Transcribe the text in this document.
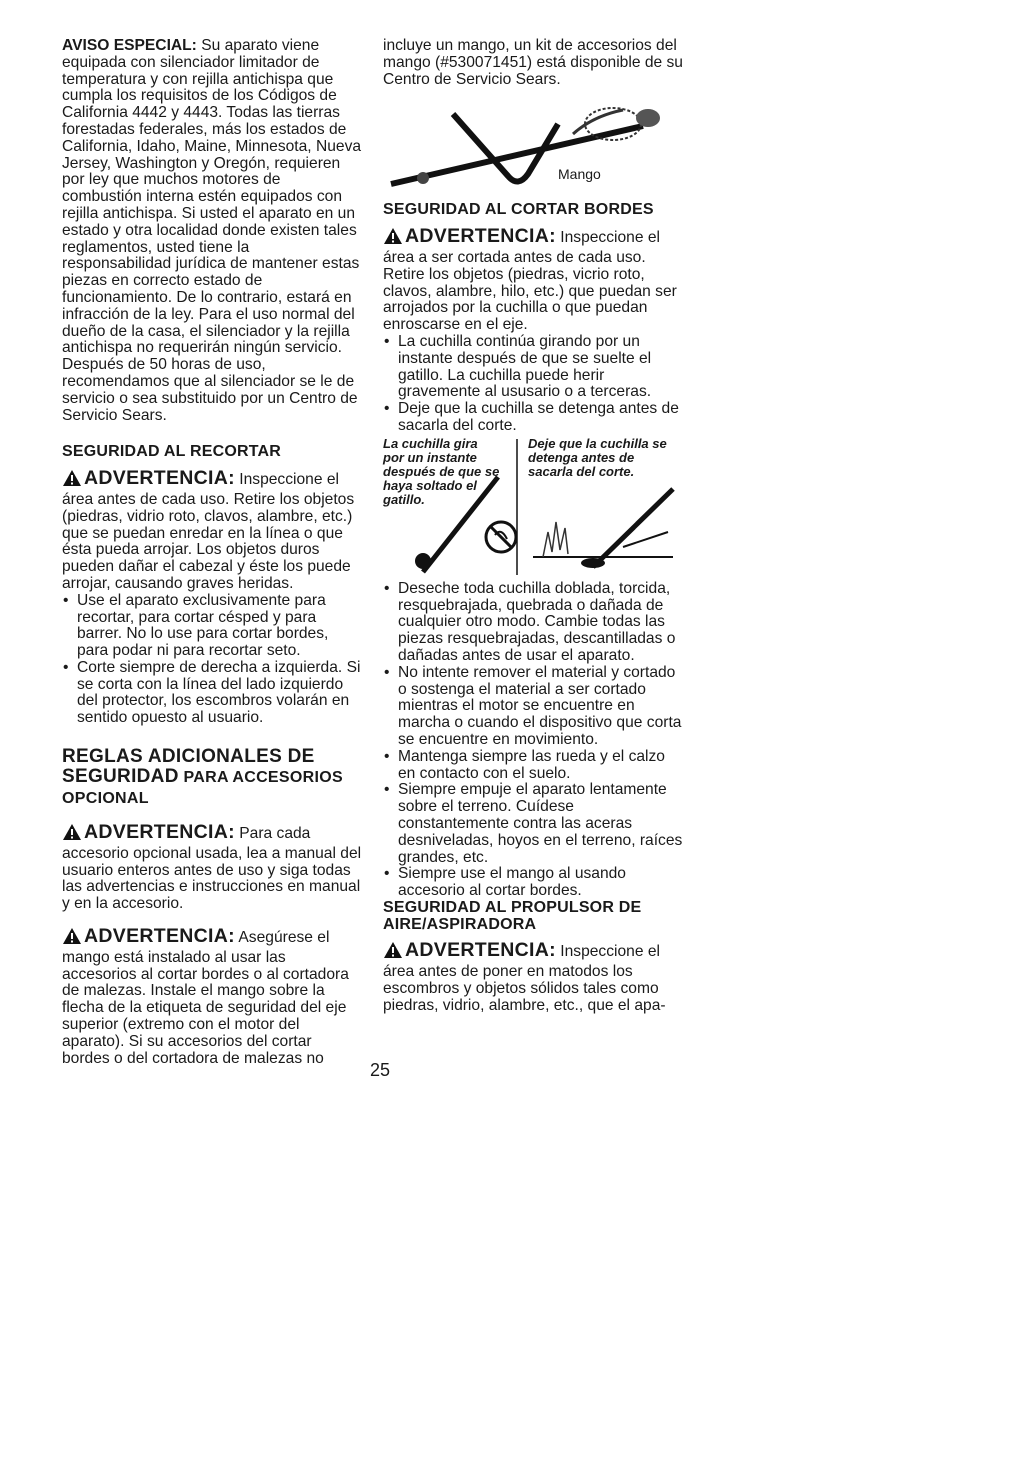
AVISO ESPECIAL: Su aparato viene equipada con silenciador limitador de temperatura y con rejilla antichispa que cumpla los requisitos de los Códigos de California 4442 y 4443. Todas las tierras forestadas federales, más los estados de California, Idaho, Maine, Minnesota, Nueva Jersey, Washington y Oregón, requieren por ley que muchos motores de combustión interna estén equipados con rejilla antichispa. Si usted el aparato en un estado y otra localidad donde existen tales reglamentos, usted tiene la responsabilidad jurídica de mantener estas piezas en correcto estado de funcionamiento. De lo contrario, estará en infracción de la ley. Para el uso normal del dueño de la casa, el silenciador y la rejilla antichispa no requerirán ningún servicio. Después de 50 horas de uso, recomendamos que al silenciador se le de servicio o sea substituido por un Centro de Servicio Sears.

SEGURIDAD AL RECORTAR

ADVERTENCIA: Inspeccione el área antes de cada uso. Retire los objetos (piedras, vidrio roto, clavos, alambre, etc.) que se puedan enredar en la línea o que ésta pueda arrojar. Los objetos duros pueden dañar el cabezal y éste los puede arrojar, causando graves heridas.

• Use el aparato exclusivamente para recortar, para cortar césped y para barrer. No lo use para cortar bordes, para podar ni para recortar seto.
• Corte siempre de derecha a izquierda. Si se corta con la línea del lado izquierdo del protector, los escombros volarán en sentido opuesto al usuario.

REGLAS ADICIONALES DE SEGURIDAD PARA ACCESORIOS OPCIONAL

ADVERTENCIA: Para cada accesorio opcional usada, lea a manual del usuario enteros antes de uso y siga todas las advertencias e instrucciones en manual y en la accesorio.

ADVERTENCIA: Asegúrese el mango está instalado al usar las accesorios al cortar bordes o al cortadora de malezas. Instale el mango sobre la flecha de la etiqueta de seguridad del eje superior (extremo con el motor del aparato). Si su accesorios del cortar bordes o del cortadora de malezas no

incluye un mango, un kit de accesorios del mango (#530071451) está disponible de su Centro de Servicio Sears.

Mango

SEGURIDAD AL CORTAR BORDES

ADVERTENCIA: Inspeccione el área a ser cortada antes de cada uso. Retire los objetos (piedras, vicrio roto, clavos, alambre, hilo, etc.) que puedan ser arrojados por la cuchilla o que puedan enroscarse en el eje.

• La cuchilla continúa girando por un instante después de que se suelte el gatillo. La cuchilla puede herir gravemente al ususario o a terceras.
• Deje que la cuchilla se detenga antes de sacarla del corte.
La cuchilla gira por un instante después de que se haya soltado el gatillo.
Deje que la cuchilla se detenga antes de sacarla del corte.
• Deseche toda cuchilla doblada, torcida, resquebrajada, quebrada o dañada de cualquier otro modo. Cambie todas las piezas resquebrajadas, descantilladas o dañadas antes de usar el aparato.
• No intente remover el material y cortado o sostenga el material a ser cortado mientras el motor se encuentre en marcha o cuando el dispositivo que corta se encuentre en movimiento.
• Mantenga siempre las rueda y el calzo en contacto con el suelo.
• Siempre empuje el aparato lentamente sobre el terreno. Cuídese constantemente contra las aceras desniveladas, hoyos en el terreno, raíces grandes, etc.
• Siempre use el mango al usando accesorio al cortar bordes.

SEGURIDAD AL PROPULSOR DE AIRE/ASPIRADORA

ADVERTENCIA: Inspeccione el área antes de poner en matodos los escombros y objetos sólidos tales como piedras, vidrio, alambre, etc., que el apa-

25
